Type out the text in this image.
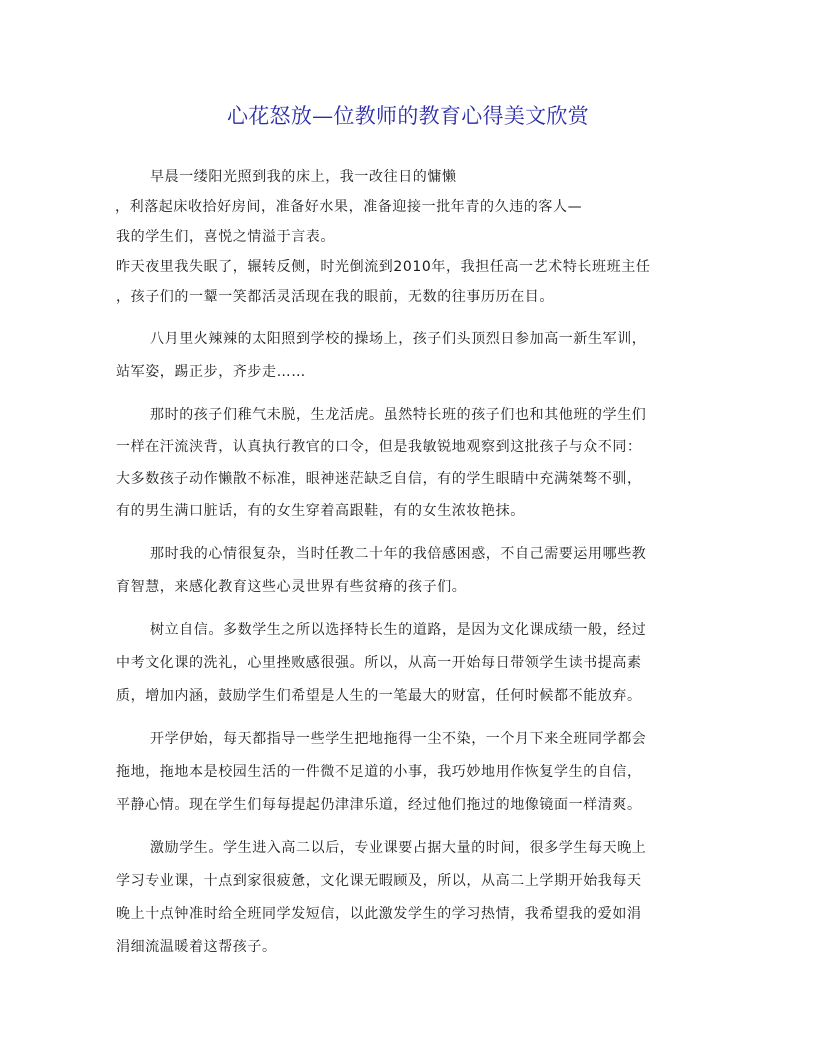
心花怒放—位教师的教育心得美文欣赏
早晨一缕阳光照到我的床上，我一改往日的慵懒
，利落起床收拾好房间，准备好水果，准备迎接一批年青的久违的客人—
我的学生们，喜悦之情溢于言表。
昨天夜里我失眠了，辗转反侧，时光倒流到2010年，我担任高一艺术特长班班主任
，孩子们的一颦一笑都活灵活现在我的眼前，无数的往事历历在目。
八月里火辣辣的太阳照到学校的操场上，孩子们头顶烈日参加高一新生军训，
站军姿，踢正步，齐步走……
那时的孩子们稚气未脱，生龙活虎。虽然特长班的孩子们也和其他班的学生们
一样在汗流浃背，认真执行教官的口令，但是我敏锐地观察到这批孩子与众不同：
大多数孩子动作懒散不标准，眼神迷茫缺乏自信，有的学生眼睛中充满桀骜不驯，
有的男生满口脏话，有的女生穿着高跟鞋，有的女生浓妆艳抹。
那时我的心情很复杂，当时任教二十年的我倍感困惑，不自己需要运用哪些教
育智慧，来感化教育这些心灵世界有些贫瘠的孩子们。
树立自信。多数学生之所以选择特长生的道路，是因为文化课成绩一般，经过
中考文化课的洗礼，心里挫败感很强。所以，从高一开始每日带领学生读书提高素
质，增加内涵，鼓励学生们希望是人生的一笔最大的财富，任何时候都不能放弃。
开学伊始，每天都指导一些学生把地拖得一尘不染，一个月下来全班同学都会
拖地，拖地本是校园生活的一件微不足道的小事，我巧妙地用作恢复学生的自信，
平静心情。现在学生们每每提起仍津津乐道，经过他们拖过的地像镜面一样清爽。
激励学生。学生进入高二以后，专业课要占据大量的时间，很多学生每天晚上
学习专业课，十点到家很疲惫，文化课无暇顾及，所以，从高二上学期开始我每天
晚上十点钟准时给全班同学发短信，以此激发学生的学习热情，我希望我的爱如涓
涓细流温暖着这帮孩子。
